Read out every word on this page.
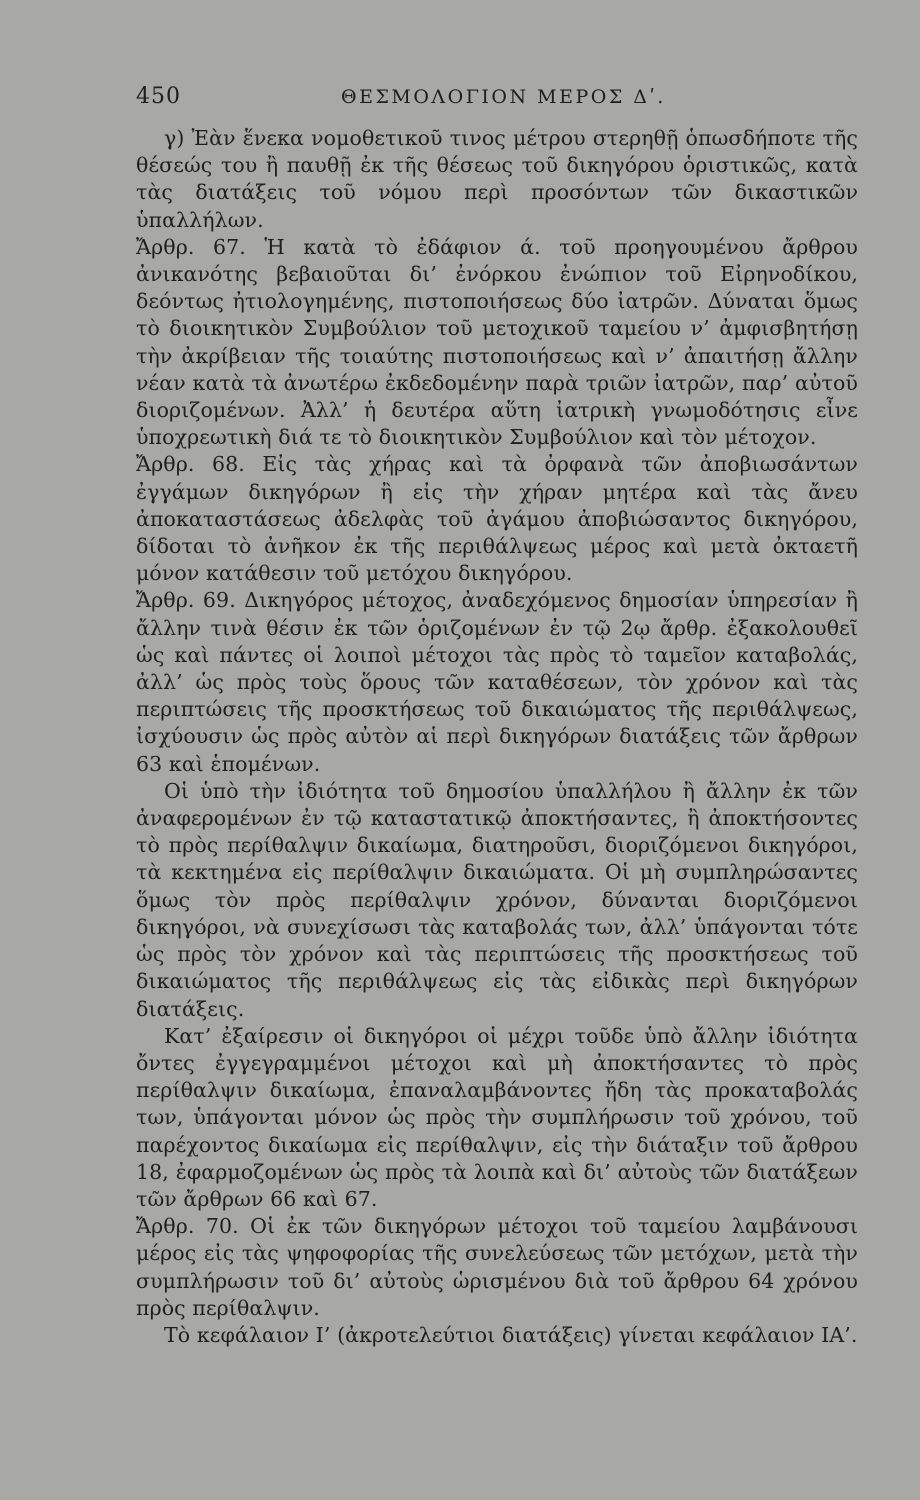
450	ΘΕΣΜΟΛΟΓΙΟΝ ΜΕΡΟΣ Δʹ.

γ) Ἐὰν ἕνεκα νομοθετικοῦ τινος μέτρου στερηθῇ ὁπωσδήποτε τῆς θέσεώς του ἢ παυθῇ ἐκ τῆς θέσεως τοῦ δικηγόρου ὁριστικῶς, κατὰ τὰς διατάξεις τοῦ νόμου περὶ προσόντων τῶν δικαστικῶν ὑπαλλήλων.

Ἄρθρ. 67. Ἡ κατὰ τὸ ἐδάφιον ά. τοῦ προηγουμένου ἄρθρου ἀνικανότης βεβαιοῦται δι’ ἐνόρκου ἐνώπιον τοῦ Εἰρηνοδίκου, δεόντως ἠτιολογημένης, πιστοποιήσεως δύο ἰατρῶν. Δύναται ὅμως τὸ διοικητικὸν Συμβούλιον τοῦ μετοχικοῦ ταμείου ν’ ἀμφισβητήσῃ τὴν ἀκρίβειαν τῆς τοιαύτης πιστοποιήσεως καὶ ν’ ἀπαιτήσῃ ἄλλην νέαν κατὰ τὰ ἀνωτέρω ἐκδεδομένην παρὰ τριῶν ἰατρῶν, παρ’ αὐτοῦ διοριζομένων. Ἀλλ’ ἡ δευτέρα αὕτη ἰατρικὴ γνωμοδότησις εἶνε ὑποχρεωτικὴ διά τε τὸ διοικητικὸν Συμβούλιον καὶ τὸν μέτοχον.

Ἄρθρ. 68. Εἰς τὰς χήρας καὶ τὰ ὀρφανὰ τῶν ἀποβιωσάντων ἐγγάμων δικηγόρων ἢ εἰς τὴν χήραν μητέρα καὶ τὰς ἄνευ ἀποκαταστάσεως ἀδελφὰς τοῦ ἀγάμου ἀποβιώσαντος δικηγόρου, δίδοται τὸ ἀνῆκον ἐκ τῆς περιθάλψεως μέρος καὶ μετὰ ὀκταετῆ μόνον κατάθεσιν τοῦ μετόχου δικηγόρου.

Ἄρθρ. 69. Δικηγόρος μέτοχος, ἀναδεχόμενος δημοσίαν ὑπηρεσίαν ἢ ἄλλην τινὰ θέσιν ἐκ τῶν ὁριζομένων ἐν τῷ 2ῳ ἄρθρ. ἐξακολουθεῖ ὡς καὶ πάντες οἱ λοιποὶ μέτοχοι τὰς πρὸς τὸ ταμεῖον καταβολάς, ἀλλ’ ὡς πρὸς τοὺς ὅρους τῶν καταθέσεων, τὸν χρόνον καὶ τὰς περιπτώσεις τῆς προσκτήσεως τοῦ δικαιώματος τῆς περιθάλψεως, ἰσχύουσιν ὡς πρὸς αὐτὸν αἱ περὶ δικηγόρων διατάξεις τῶν ἄρθρων 63 καὶ ἑπομένων.

Οἱ ὑπὸ τὴν ἰδιότητα τοῦ δημοσίου ὑπαλλήλου ἢ ἄλλην ἐκ τῶν ἀναφερομένων ἐν τῷ καταστατικῷ ἀποκτήσαντες, ἢ ἀποκτήσοντες τὸ πρὸς περίθαλψιν δικαίωμα, διατηροῦσι, διοριζόμενοι δικηγόροι, τὰ κεκτημένα εἰς περίθαλψιν δικαιώματα. Οἱ μὴ συμπληρώσαντες ὅμως τὸν πρὸς περίθαλψιν χρόνον, δύνανται διοριζόμενοι δικηγόροι, νὰ συνεχίσωσι τὰς καταβολάς των, ἀλλ’ ὑπάγονται τότε ὡς πρὸς τὸν χρόνον καὶ τὰς περιπτώσεις τῆς προσκτήσεως τοῦ δικαιώματος τῆς περιθάλψεως εἰς τὰς εἰδικὰς περὶ δικηγόρων διατάξεις.

Κατ’ ἐξαίρεσιν οἱ δικηγόροι οἱ μέχρι τοῦδε ὑπὸ ἄλλην ἰδιότητα ὄντες ἐγγεγραμμένοι μέτοχοι καὶ μὴ ἀποκτήσαντες τὸ πρὸς περίθαλψιν δικαίωμα, ἐπαναλαμβάνοντες ἤδη τὰς προκαταβολάς των, ὑπάγονται μόνον ὡς πρὸς τὴν συμπλήρωσιν τοῦ χρόνου, τοῦ παρέχοντος δικαίωμα εἰς περίθαλψιν, εἰς τὴν διάταξιν τοῦ ἄρθρου 18, ἐφαρμοζομένων ὡς πρὸς τὰ λοιπὰ καὶ δι’ αὐτοὺς τῶν διατάξεων τῶν ἄρθρων 66 καὶ 67.

Ἄρθρ. 70. Οἱ ἐκ τῶν δικηγόρων μέτοχοι τοῦ ταμείου λαμβάνουσι μέρος εἰς τὰς ψηφοφορίας τῆς συνελεύσεως τῶν μετόχων, μετὰ τὴν συμπλήρωσιν τοῦ δι’ αὐτοὺς ὡρισμένου διὰ τοῦ ἄρθρου 64 χρόνου πρὸς περίθαλψιν.

Τὸ κεφάλαιον Ι’ (ἀκροτελεύτιοι διατάξεις) γίνεται κεφάλαιον ΙΑ’.
